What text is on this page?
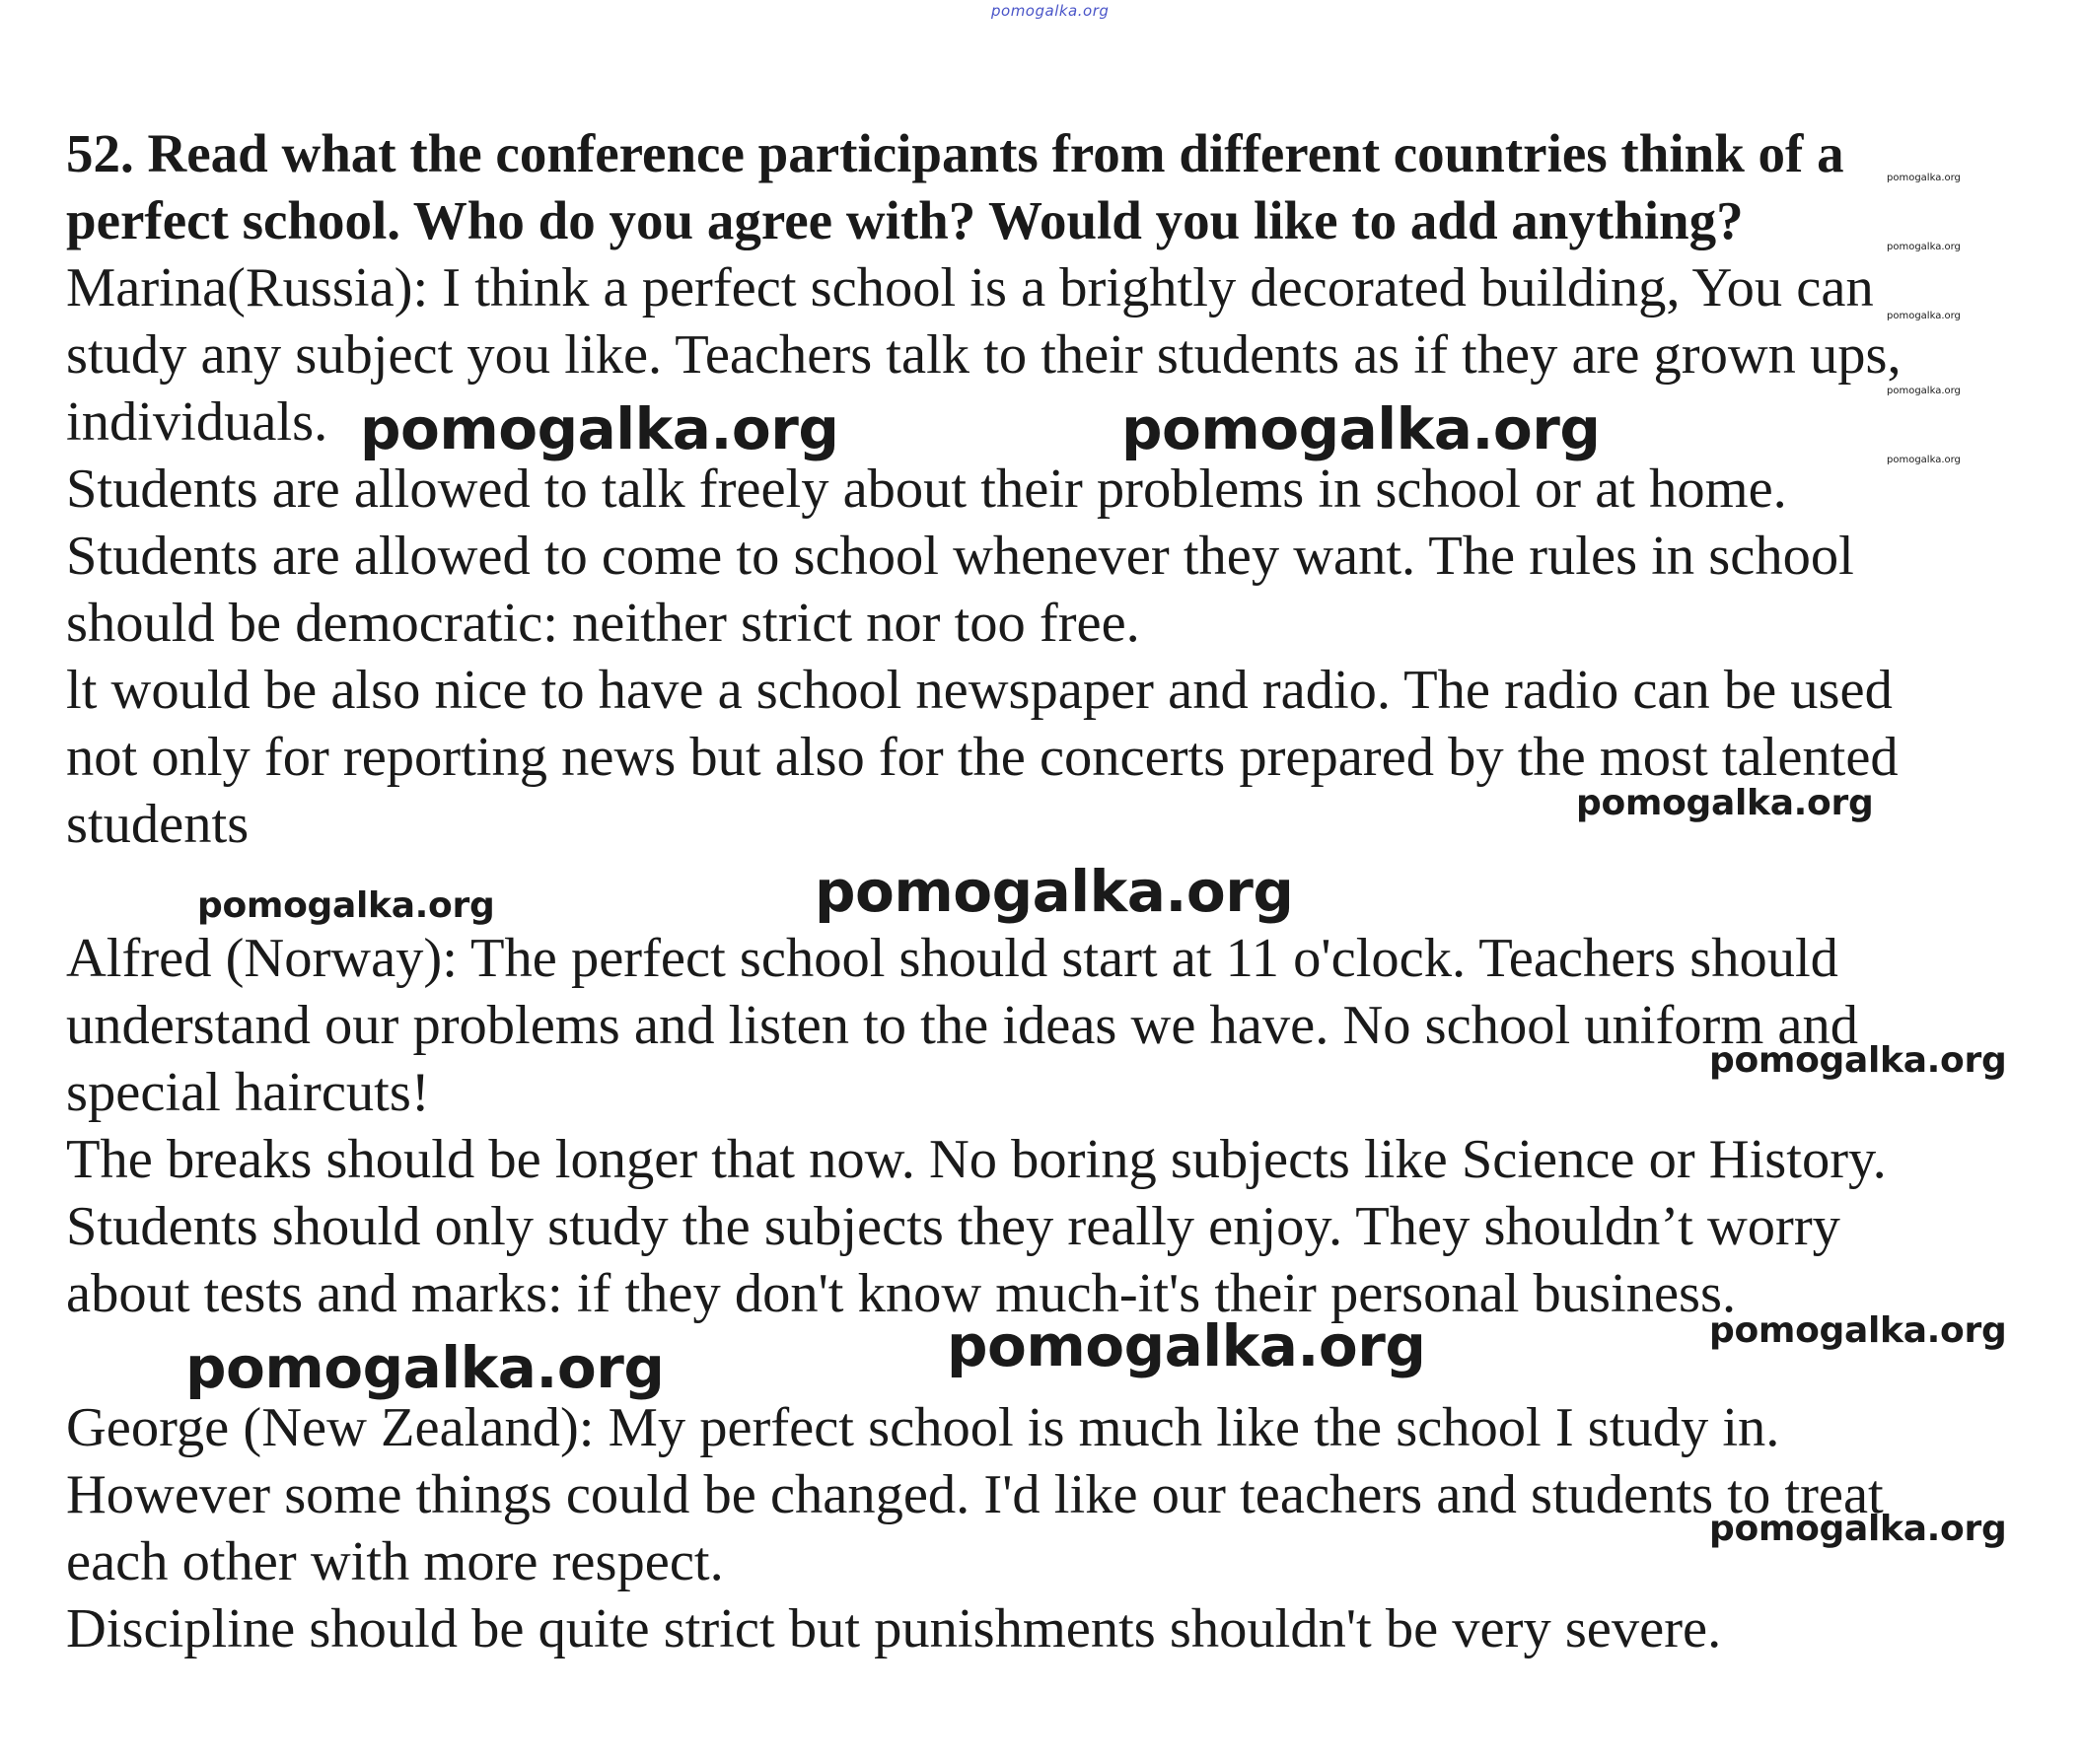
pomogalka.org
52. Read what the conference participants from different countries think of a
perfect school. Who do you agree with? Would you like to add anything?
Marina(Russia): I think a perfect school is a brightly decorated building, You can
study any subject you like. Teachers talk to their students as if they are grown ups,
individuals.
Students are allowed to talk freely about their problems in school or at home.
Students are allowed to come to school whenever they want. The rules in school
should be democratic: neither strict nor too free.
lt would be also nice to have a school newspaper and radio. The radio can be used
not only for reporting news but also for the concerts prepared by the most talented
students
Alfred (Norway): The perfect school should start at 11 o'clock. Teachers should
understand our problems and listen to the ideas we have. No school uniform and
special haircuts!
The breaks should be longer that now. No boring subjects like Science or History.
Students should only study the subjects they really enjoy. They shouldn’t worry
about tests and marks: if they don't know much-it's their personal business.
George (New Zealand): My perfect school is much like the school I study in.
However some things could be changed. I'd like our teachers and students to treat
each other with more respect.
Discipline should be quite strict but punishments shouldn't be very severe.
pomogalka.org	pomogalka.org
pomogalka.org
pomogalka.org
pomogalka.org
pomogalka.org
pomogalka.org
pomogalka.org
pomogalka.org
pomogalka.org
pomogalka.org
pomogalka.org
pomogalka.org
pomogalka.org
pomogalka.org
